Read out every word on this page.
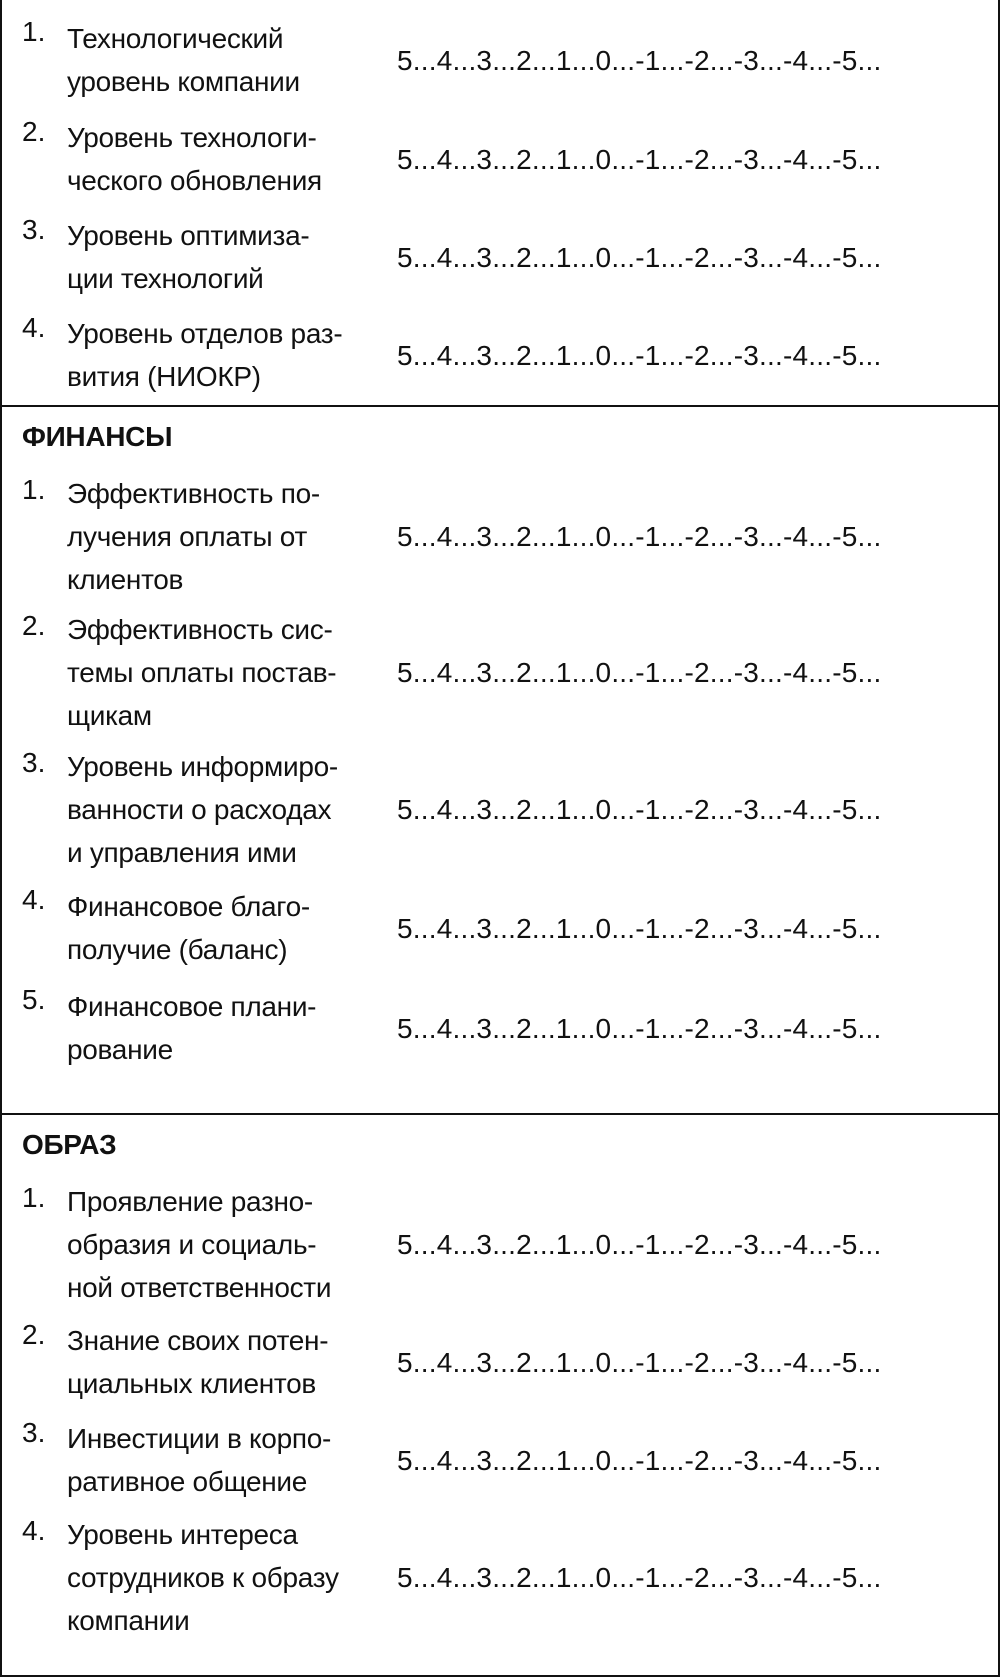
1. Технологический
уровень компании
5...4...3...2...1...0...-1...-2...-3...-4...-5...
2. Уровень технологи-
ческого обновления
5...4...3...2...1...0...-1...-2...-3...-4...-5...
3. Уровень оптимиза-
ции технологий
5...4...3...2...1...0...-1...-2...-3...-4...-5...
4. Уровень отделов раз-
вития (НИОКР)
5...4...3...2...1...0...-1...-2...-3...-4...-5...
ФИНАНСЫ
1. Эффективность по-
лучения оплаты от
клиентов
5...4...3...2...1...0...-1...-2...-3...-4...-5...
2. Эффективность сис-
темы оплаты постав-
щикам
5...4...3...2...1...0...-1...-2...-3...-4...-5...
3. Уровень информиро-
ванности о расходах
и управления ими
5...4...3...2...1...0...-1...-2...-3...-4...-5...
4. Финансовое благо-
получие (баланс)
5...4...3...2...1...0...-1...-2...-3...-4...-5...
5. Финансовое плани-
рование
5...4...3...2...1...0...-1...-2...-3...-4...-5...
ОБРАЗ
1. Проявление разно-
образия и социаль-
ной ответственности
5...4...3...2...1...0...-1...-2...-3...-4...-5...
2. Знание своих потен-
циальных клиентов
5...4...3...2...1...0...-1...-2...-3...-4...-5...
3. Инвестиции в корпо-
ративное общение
5...4...3...2...1...0...-1...-2...-3...-4...-5...
4. Уровень интереса
сотрудников к образу
компании
5...4...3...2...1...0...-1...-2...-3...-4...-5...
